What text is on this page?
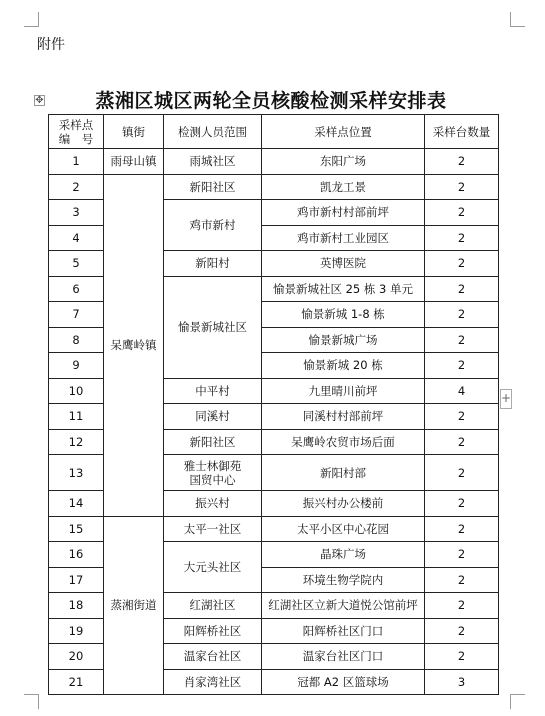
附件
✥	蒸湘区城区两轮全员核酸检测采样安排表
采样点
编　号	镇街	检测人员范围	采样点位置	采样台数量
1	雨母山镇	雨城社区	东阳广场	2
2	呆鹰岭镇	新阳社区	凯龙工景	2
3		鸡市新村	鸡市新村村部前坪	2
4			鸡市新村工业园区	2
5		新阳村	英博医院	2
6		愉景新城社区	愉景新城社区 25 栋 3 单元	2
7			愉景新城 1-8 栋	2
8			愉景新城广场	2
9			愉景新城 20 栋	2
10		中平村	九里晴川前坪	4
11		同溪村	同溪村村部前坪	2
12		新阳社区	呆鹰岭农贸市场后面	2
13		雅士林御苑
国贸中心	新阳村部	2
14		振兴村	振兴村办公楼前	2
15	蒸湘街道	太平一社区	太平小区中心花园	2
16		大元头社区	晶珠广场	2
17			环境生物学院内	2
18		红湖社区	红湖社区立新大道悦公馆前坪	2
19		阳辉桥社区	阳辉桥社区门口	2
20		温家台社区	温家台社区门口	2
21		肖家湾社区	冠都 A2 区篮球场	3
+
